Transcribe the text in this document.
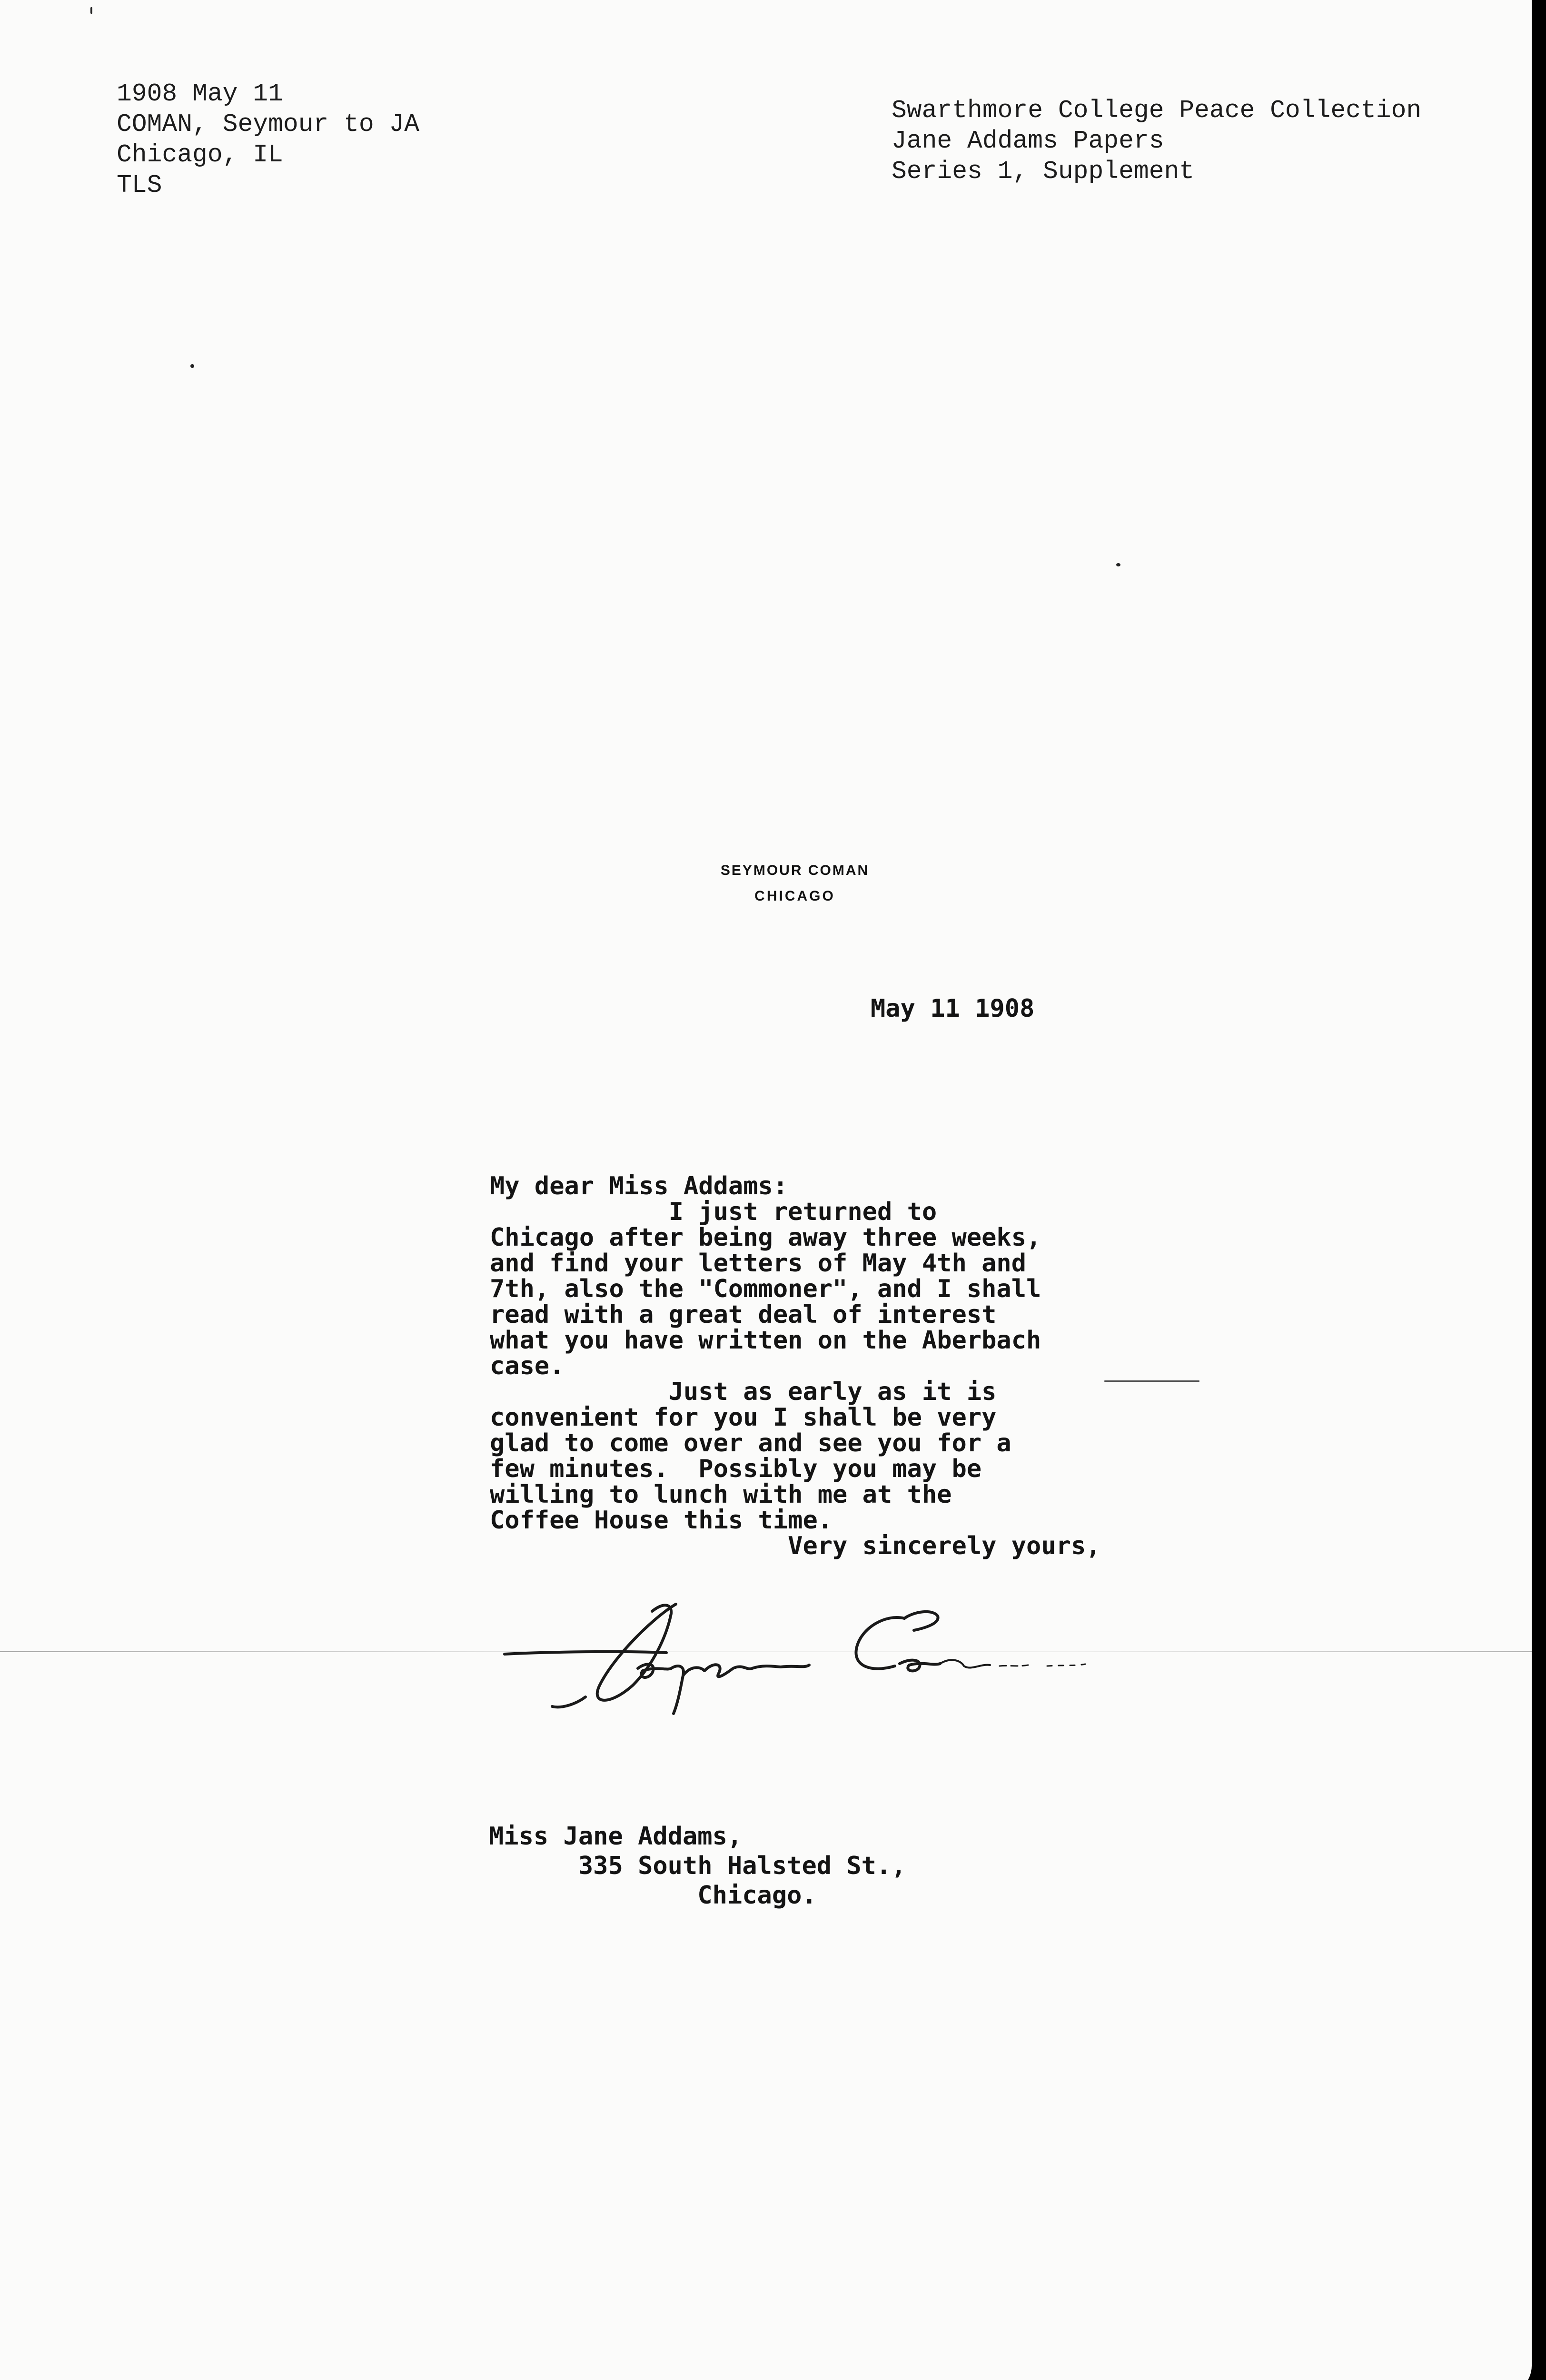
1908 May 11
COMAN, Seymour to JA
Chicago, IL
TLS
Swarthmore College Peace Collection
Jane Addams Papers
Series 1, Supplement
SEYMOUR COMAN
CHICAGO
May 11 1908
My dear Miss Addams:
I just returned to
Chicago after being away three weeks,
and find your letters of May 4th and
7th, also the "Commoner", and I shall
read with a great deal of interest
what you have written on the Aberbach
case.
Just as early as it is
convenient for you I shall be very
glad to come over and see you for a
few minutes.  Possibly you may be
willing to lunch with me at the
Coffee House this time.
Very sincerely yours,
Miss Jane Addams,
335 South Halsted St.,
Chicago.
